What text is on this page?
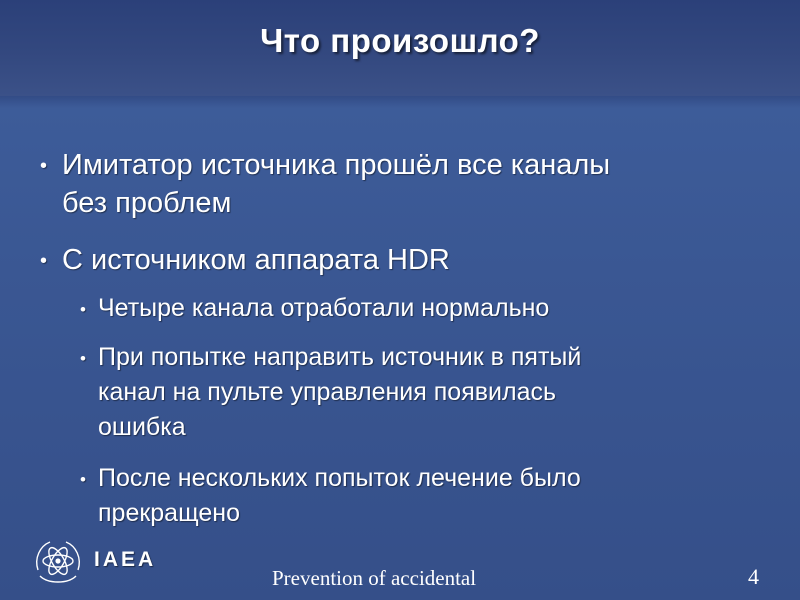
Что произошло?
• Имитатор источника прошёл все каналы
без проблем
• С источником аппарата HDR
• Четыре канала отработали нормально
• При попытке направить источник в пятый
канал на пульте управления появилась
ошибка
• После нескольких попыток лечение было
прекращено
IAEA
Prevention of accidental	4
